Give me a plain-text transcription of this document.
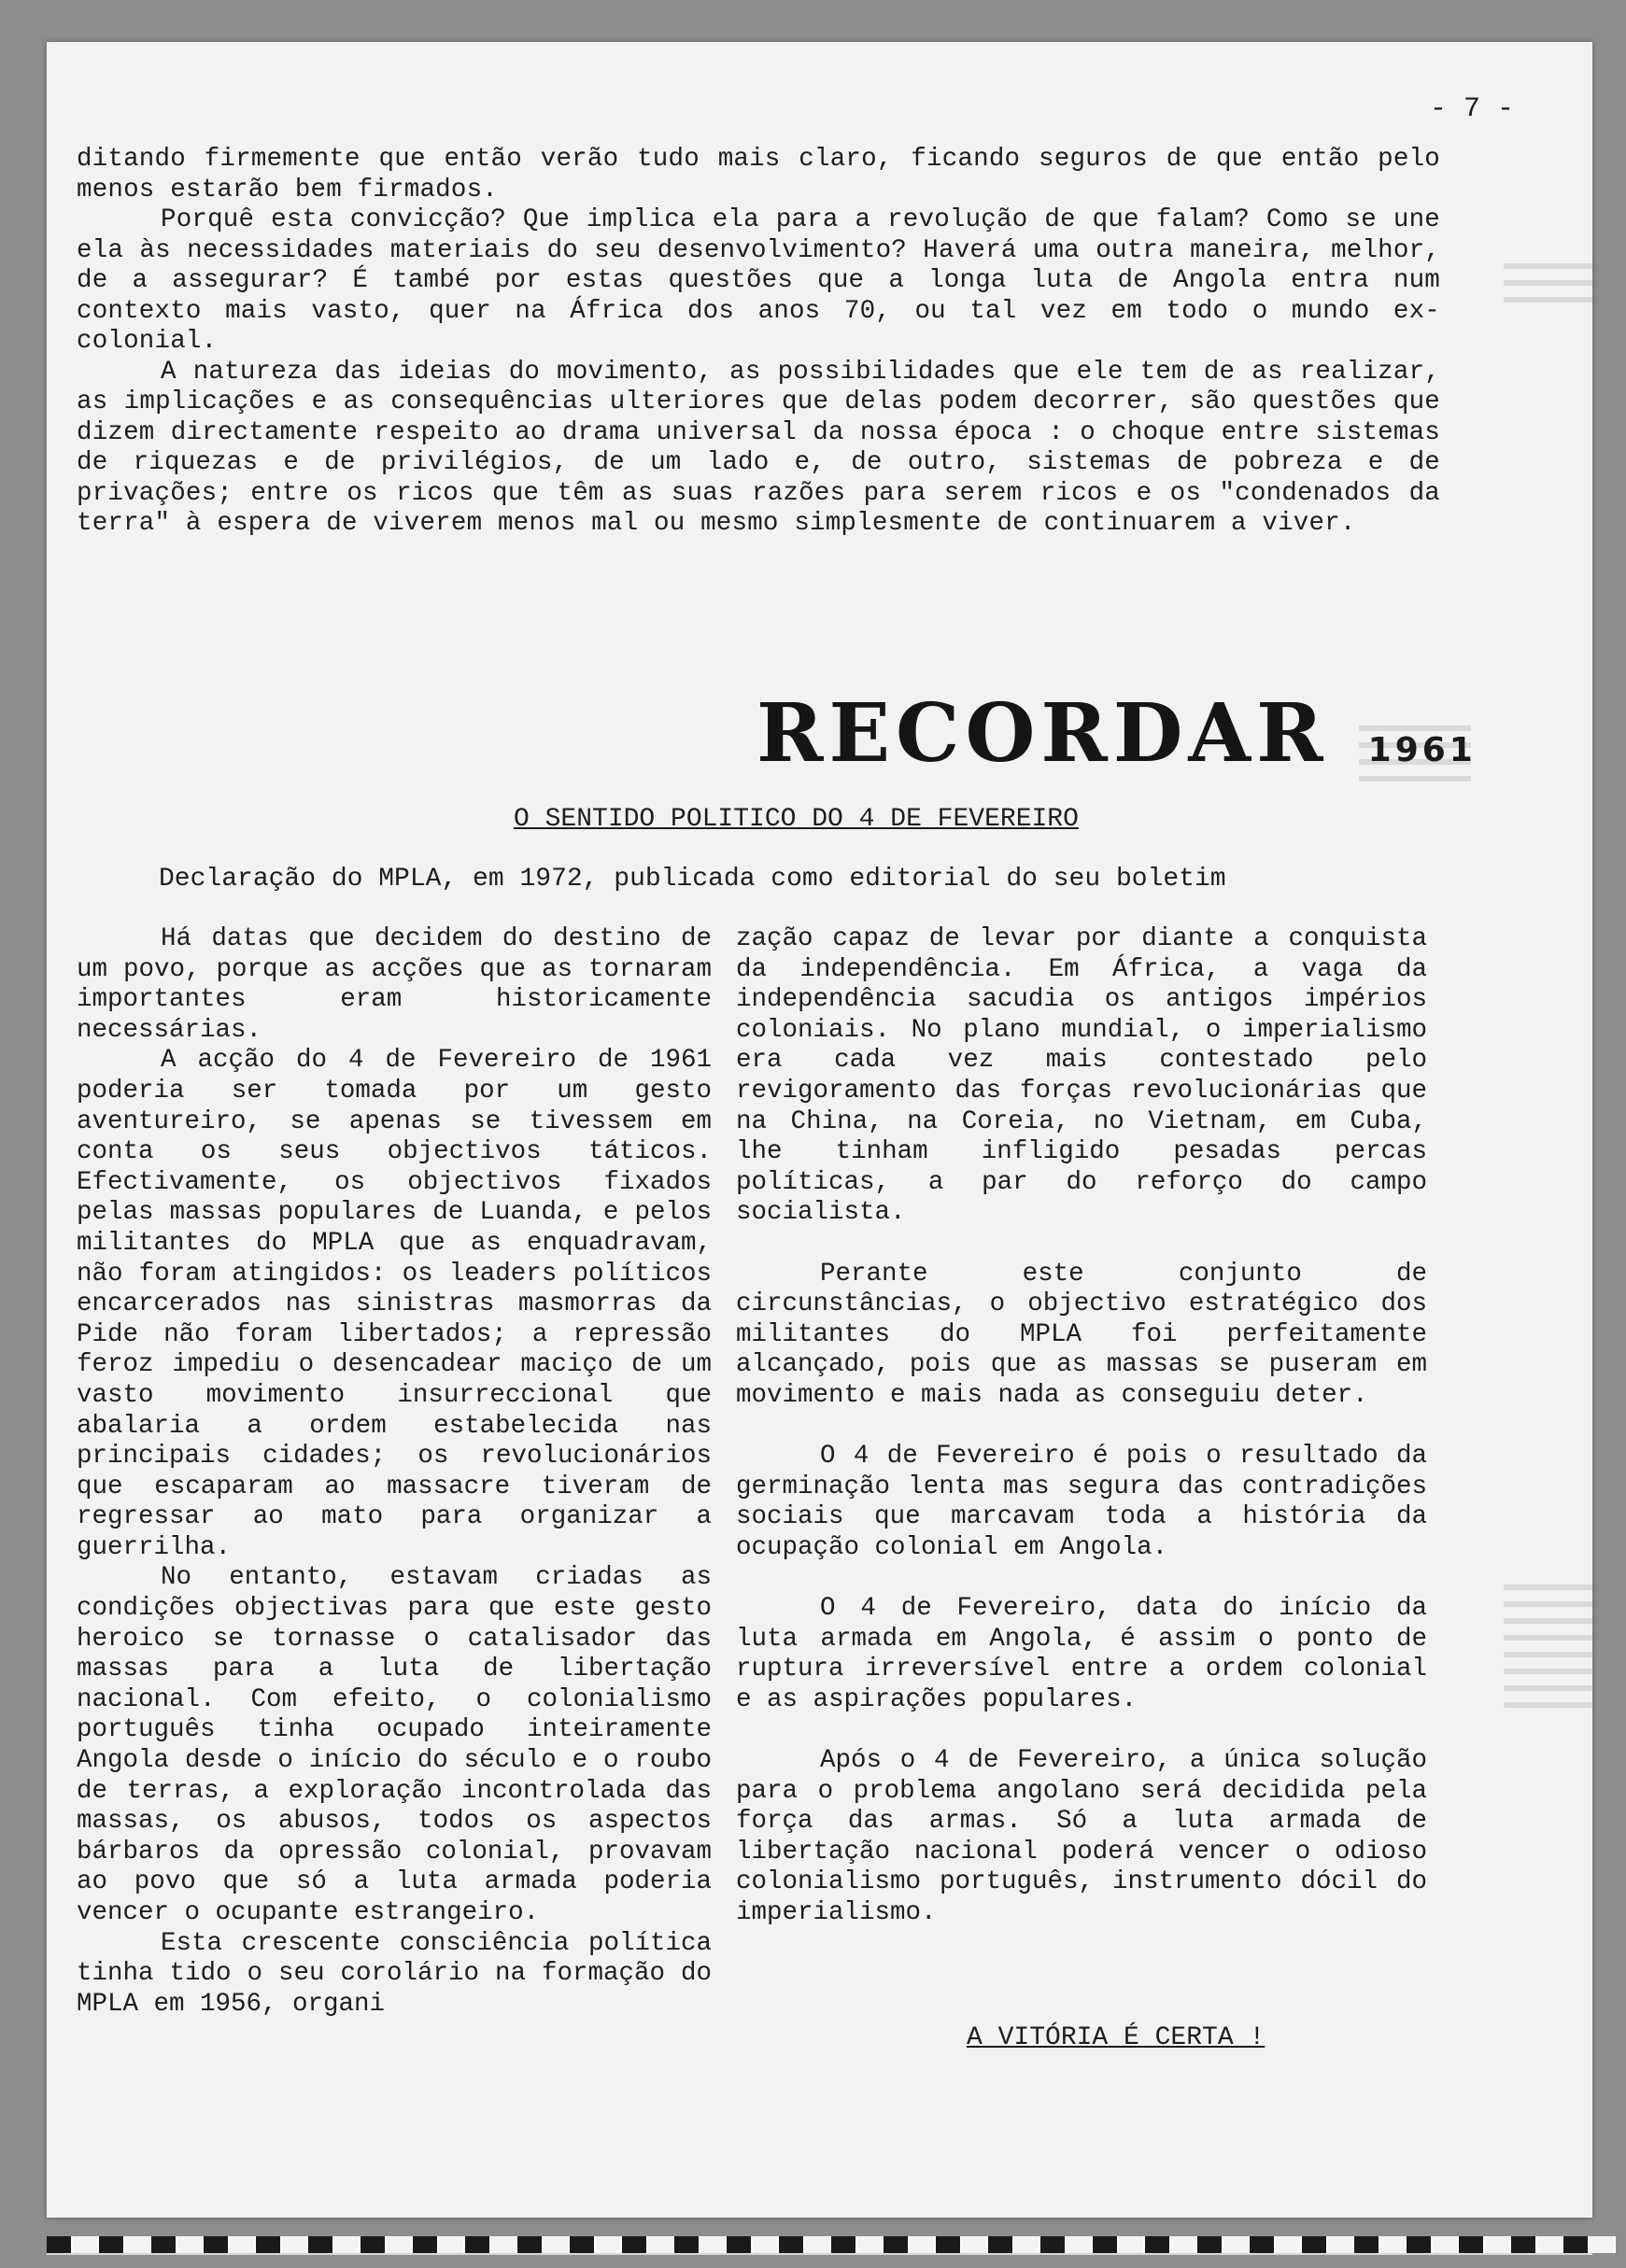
- 7 -

ditando firmemente que então verão tudo mais claro, ficando seguros de que então pelo menos estarão bem firmados.

Porquê esta convicção? Que implica ela para a revolução de que falam? Como se une ela às necessidades materiais do seu desenvolvimento? Haverá uma outra maneira, melhor, de a assegurar? É també por estas questões que a longa luta de Angola entra num contexto mais vasto, quer na África dos anos 70, ou tal vez em todo o mundo ex-colonial.

A natureza das ideias do movimento, as possibilidades que ele tem de as realizar, as implicações e as consequências ulteriores que delas podem decorrer, são questões que dizem directamente respeito ao drama universal da nossa época : o choque entre sistemas de riquezas e de privilégios, de um lado e, de outro, sistemas de pobreza e de privações; entre os ricos que têm as suas razões para serem ricos e os "condenados da terra" à espera de viverem menos mal ou mesmo simplesmente de continuarem a viver.

RECORDAR 1961
O SENTIDO POLITICO DO 4 DE FEVEREIRO
Declaração do MPLA, em 1972, publicada como editorial do seu boletim

Há datas que decidem do destino de um povo, porque as acções que as tornaram importantes eram historicamente necessárias.

A acção do 4 de Fevereiro de 1961 poderia ser tomada por um gesto aventureiro, se apenas se tivessem em conta os seus objectivos táticos. Efectivamente, os objectivos fixados pelas massas populares de Luanda, e pelos militantes do MPLA que as enquadravam, não foram atingidos: os leaders políticos encarcerados nas sinistras masmorras da Pide não foram libertados; a repressão feroz impediu o desencadear maciço de um vasto movimento insurreccional que abalaria a ordem estabelecida nas principais cidades; os revolucionários que escaparam ao massacre tiveram de regressar ao mato para organizar a guerrilha.

No entanto, estavam criadas as condições objectivas para que este gesto heroico se tornasse o catalisador das massas para a luta de libertação nacional. Com efeito, o colonialismo português tinha ocupado inteiramente Angola desde o início do século e o roubo de terras, a exploração incontrolada das massas, os abusos, todos os aspectos bárbaros da opressão colonial, provavam ao povo que só a luta armada poderia vencer o ocupante estrangeiro.

Esta crescente consciência política tinha tido o seu corolário na formação do MPLA em 1956, organi

zação capaz de levar por diante a conquista da independência. Em África, a vaga da independência sacudia os antigos impérios coloniais. No plano mundial, o imperialismo era cada vez mais contestado pelo revigoramento das forças revolucionárias que na China, na Coreia, no Vietnam, em Cuba, lhe tinham infligido pesadas percas políticas, a par do reforço do campo socialista.

Perante este conjunto de circunstâncias, o objectivo estratégico dos militantes do MPLA foi perfeitamente alcançado, pois que as massas se puseram em movimento e mais nada as conseguiu deter.

O 4 de Fevereiro é pois o resultado da germinação lenta mas segura das contradições sociais que marcavam toda a história da ocupação colonial em Angola.

O 4 de Fevereiro, data do início da luta armada em Angola, é assim o ponto de ruptura irreversível entre a ordem colonial e as aspirações populares.

Após o 4 de Fevereiro, a única solução para o problema angolano será decidida pela força das armas. Só a luta armada de libertação nacional poderá vencer o odioso colonialismo português, instrumento dócil do imperialismo.

A VITÓRIA É CERTA !
